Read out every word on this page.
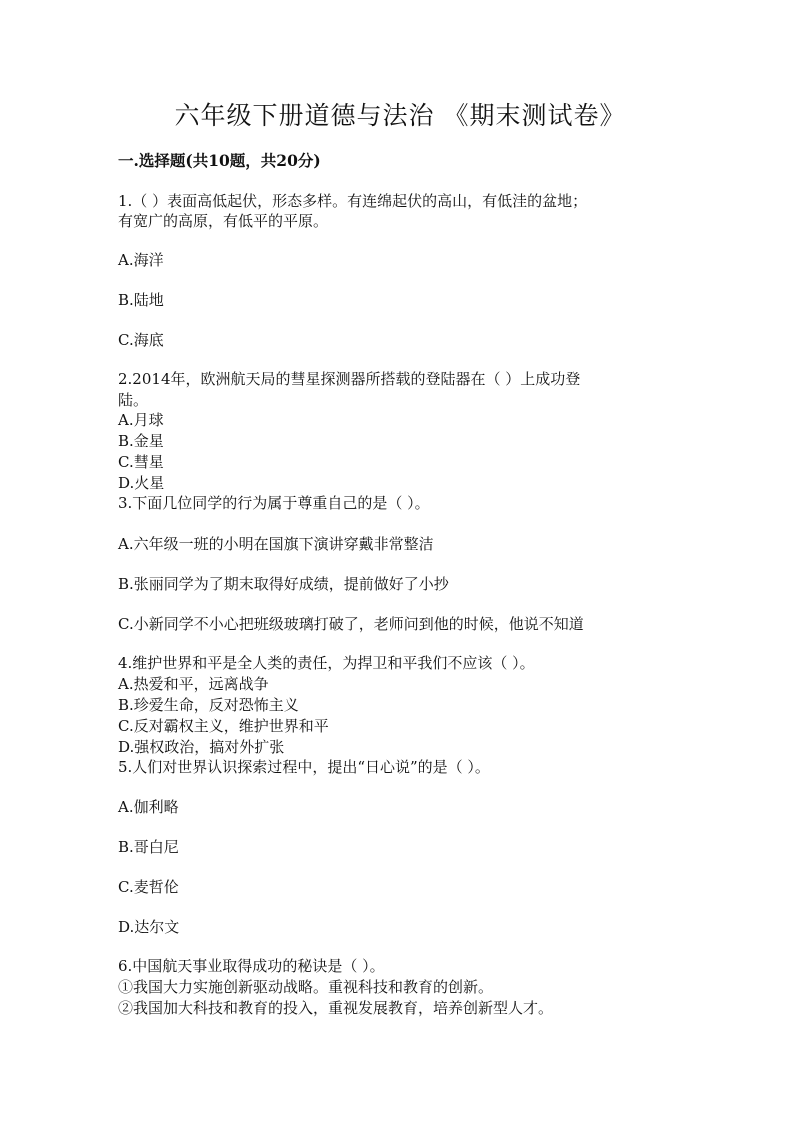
六年级下册道德与法治 《期末测试卷》
一.选择题(共10题，共20分)
1.（ ）表面高低起伏，形态多样。有连绵起伏的高山，有低洼的盆地；
有宽广的高原，有低平的平原。
A.海洋
B.陆地
C.海底
2.2014年，欧洲航天局的彗星探测器所搭载的登陆器在（ ）上成功登
陆。
A.月球
B.金星
C.彗星
D.火星
3.下面几位同学的行为属于尊重自己的是（ ）。
A.六年级一班的小明在国旗下演讲穿戴非常整洁
B.张丽同学为了期末取得好成绩，提前做好了小抄
C.小新同学不小心把班级玻璃打破了，老师问到他的时候，他说不知道
4.维护世界和平是全人类的责任，为捍卫和平我们不应该（ ）。
A.热爱和平，远离战争
B.珍爱生命，反对恐怖主义
C.反对霸权主义，维护世界和平
D.强权政治，搞对外扩张
5.人们对世界认识探索过程中，提出“日心说”的是（ ）。
A.伽利略
B.哥白尼
C.麦哲伦
D.达尔文
6.中国航天事业取得成功的秘诀是（ ）。
①我国大力实施创新驱动战略。重视科技和教育的创新。
②我国加大科技和教育的投入，重视发展教育，培养创新型人才。
